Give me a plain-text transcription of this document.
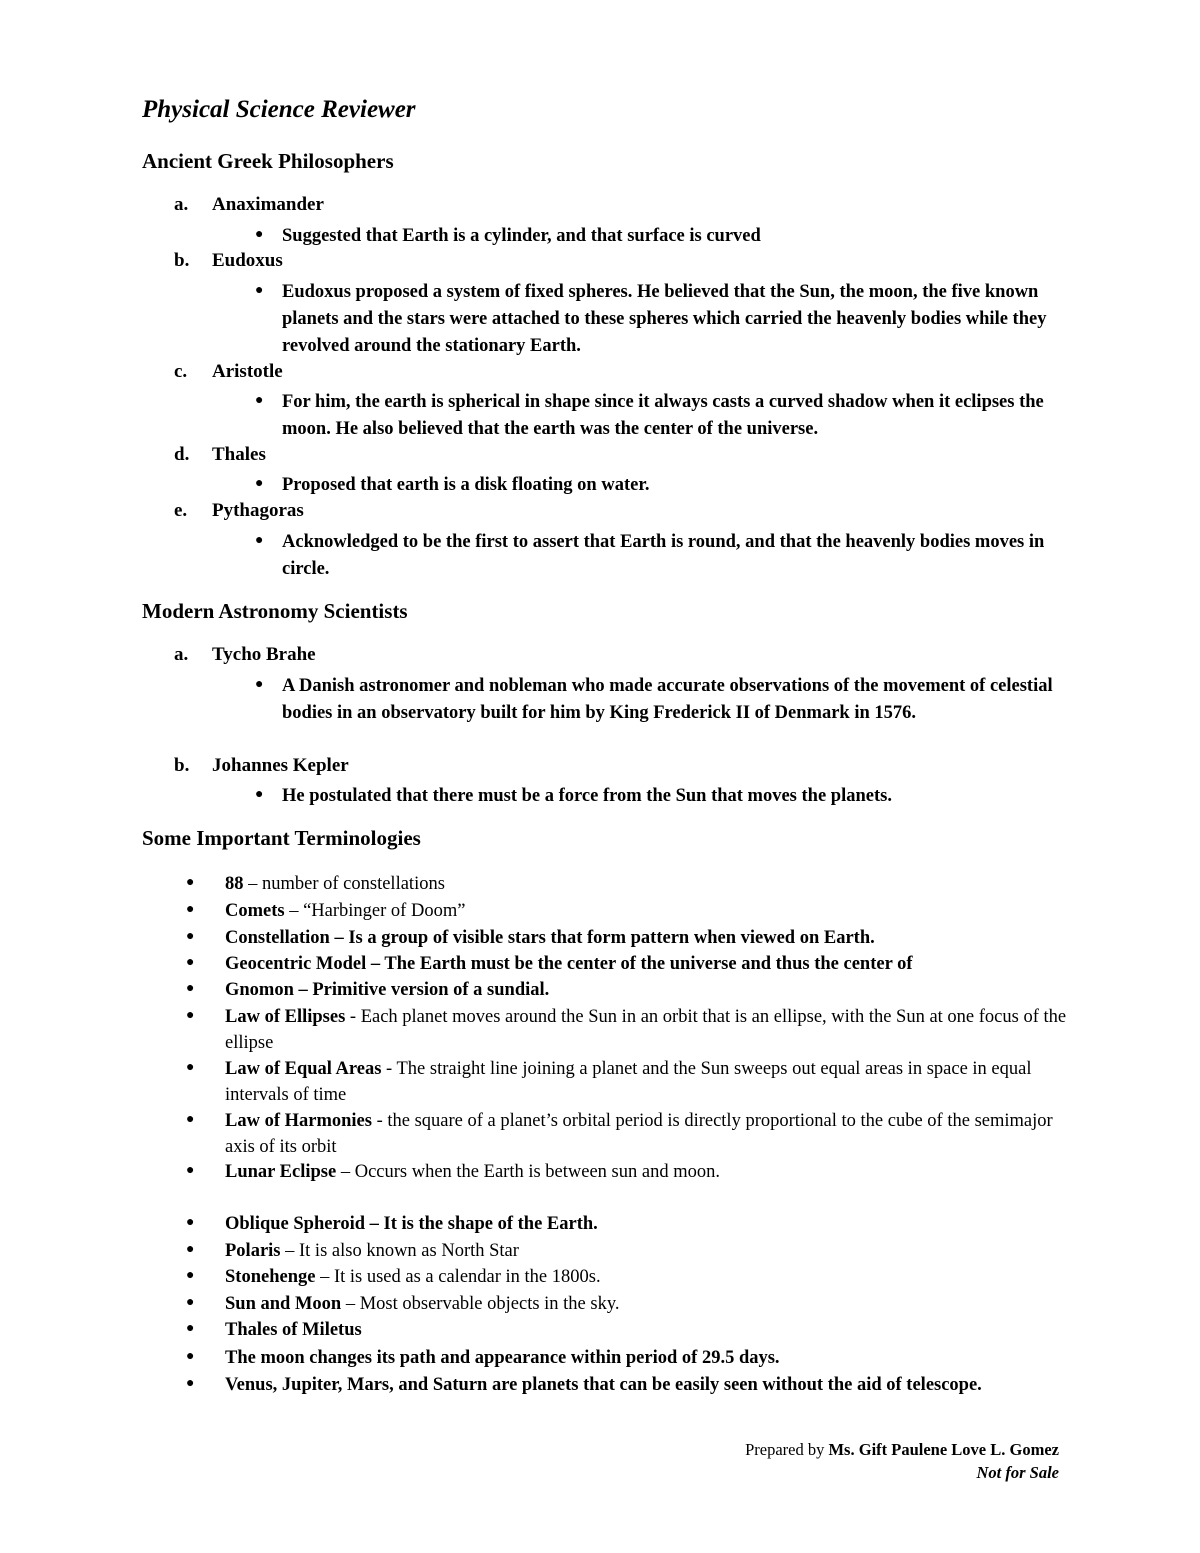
Physical Science Reviewer
Ancient Greek Philosophers
a. Anaximander
● Suggested that Earth is a cylinder, and that surface is curved
b. Eudoxus
● Eudoxus proposed a system of fixed spheres. He believed that the Sun, the moon, the five known planets and the stars were attached to these spheres which carried the heavenly bodies while they revolved around the stationary Earth.
c. Aristotle
● For him, the earth is spherical in shape since it always casts a curved shadow when it eclipses the moon. He also believed that the earth was the center of the universe.
d. Thales
● Proposed that earth is a disk floating on water.
e. Pythagoras
● Acknowledged to be the first to assert that Earth is round, and that the heavenly bodies moves in circle.
Modern Astronomy Scientists
a. Tycho Brahe
● A Danish astronomer and nobleman who made accurate observations of the movement of celestial bodies in an observatory built for him by King Frederick II of Denmark in 1576.
b. Johannes Kepler
● He postulated that there must be a force from the Sun that moves the planets.
Some Important Terminologies
● 88 – number of constellations
● Comets – “Harbinger of Doom”
● Constellation – Is a group of visible stars that form pattern when viewed on Earth.
● Geocentric Model – The Earth must be the center of the universe and thus the center of
● Gnomon – Primitive version of a sundial.
● Law of Ellipses - Each planet moves around the Sun in an orbit that is an ellipse, with the Sun at one focus of the ellipse
● Law of Equal Areas - The straight line joining a planet and the Sun sweeps out equal areas in space in equal intervals of time
● Law of Harmonies - the square of a planet’s orbital period is directly proportional to the cube of the semimajor axis of its orbit
● Lunar Eclipse – Occurs when the Earth is between sun and moon.
● Oblique Spheroid – It is the shape of the Earth.
● Polaris – It is also known as North Star
● Stonehenge – It is used as a calendar in the 1800s.
● Sun and Moon – Most observable objects in the sky.
● Thales of Miletus
● The moon changes its path and appearance within period of 29.5 days.
● Venus, Jupiter, Mars, and Saturn are planets that can be easily seen without the aid of telescope.
Prepared by Ms. Gift Paulene Love L. Gomez
Not for Sale
